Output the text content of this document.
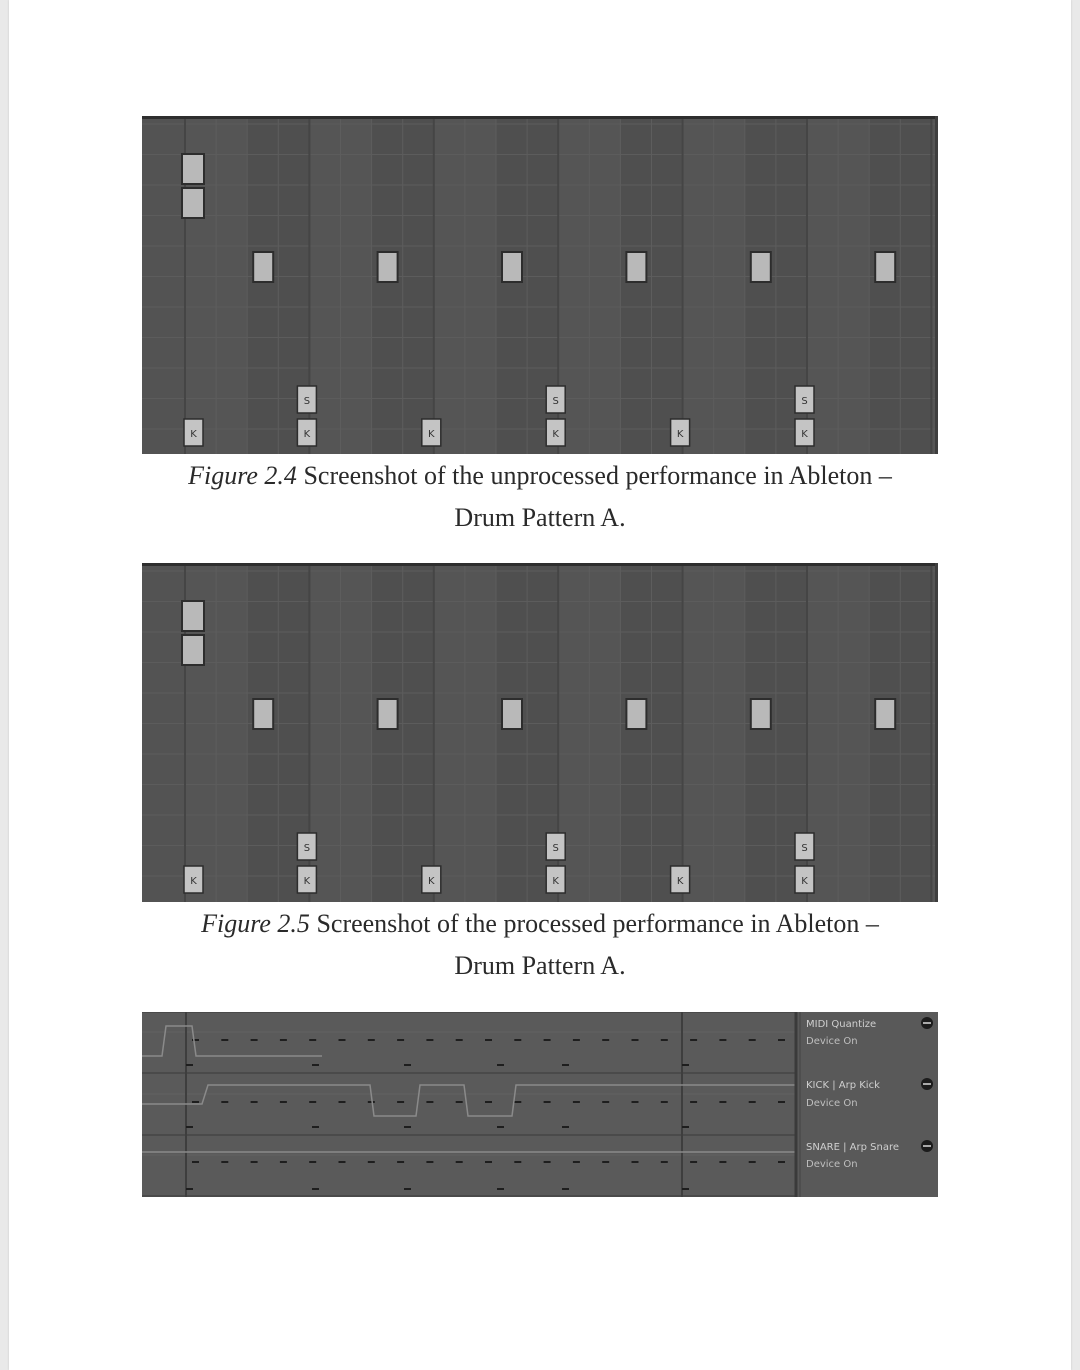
S	S	S
K	K	K	K	K	K
Figure 2.4 Screenshot of the unprocessed performance in Ableton –
Drum Pattern A.
S	S	S
K	K	K	K	K	K
Figure 2.5 Screenshot of the processed performance in Ableton –
Drum Pattern A.
MIDI Quantize
Device On
KICK | Arp Kick
Device On
SNARE | Arp Snare
Device On
